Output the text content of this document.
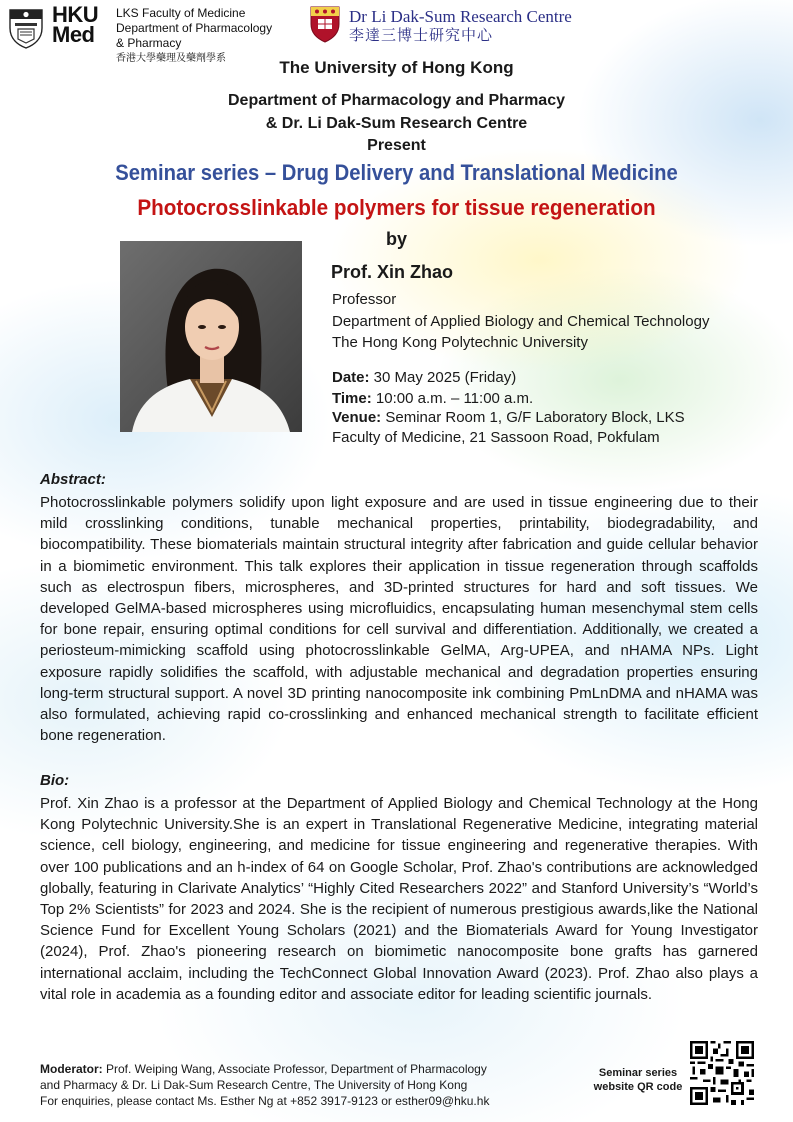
HKU
Med
LKS Faculty of Medicine
Department of Pharmacology
& Pharmacy
香港大學藥理及藥劑學系
Dr Li Dak-Sum Research Centre
李達三博士研究中心
The University of Hong Kong
Department of Pharmacology and Pharmacy
& Dr. Li Dak-Sum Research Centre
Present
Seminar series – Drug Delivery and Translational Medicine
Photocrosslinkable polymers for tissue regeneration
by
Prof. Xin Zhao
Professor
Department of Applied Biology and Chemical Technology
The Hong Kong Polytechnic University
Date: 30 May 2025 (Friday)
Time: 10:00 a.m. – 11:00 a.m.
Venue: Seminar Room 1, G/F Laboratory Block, LKS
Faculty of Medicine, 21 Sassoon Road, Pokfulam
Abstract:
Photocrosslinkable polymers solidify upon light exposure and are used in tissue engineering due to their mild crosslinking conditions, tunable mechanical properties, printability, biodegradability, and biocompatibility. These biomaterials maintain structural integrity after fabrication and guide cellular behavior in a biomimetic environment. This talk explores their application in tissue regeneration through scaffolds such as electrospun fibers, microspheres, and 3D-printed structures for hard and soft tissues. We developed GelMA-based microspheres using microfluidics, encapsulating human mesenchymal stem cells for bone repair, ensuring optimal conditions for cell survival and differentiation. Additionally, we created a periosteum-mimicking scaffold using photocrosslinkable GelMA, Arg-UPEA, and nHAMA NPs. Light exposure rapidly solidifies the scaffold, with adjustable mechanical and degradation properties ensuring long-term structural support. A novel 3D printing nanocomposite ink combining PmLnDMA and nHAMA was also formulated, achieving rapid co-crosslinking and enhanced mechanical strength to facilitate efficient bone regeneration.
Bio:
Prof. Xin Zhao is a professor at the Department of Applied Biology and Chemical Technology at the Hong Kong Polytechnic University.She is an expert in Translational Regenerative Medicine, integrating material science, cell biology, engineering, and medicine for tissue engineering and regenerative therapies. With over 100 publications and an h-index of 64 on Google Scholar, Prof. Zhao's contributions are acknowledged globally, featuring in Clarivate Analytics’ “Highly Cited Researchers 2022” and Stanford University’s “World’s Top 2% Scientists” for 2023 and 2024. She is the recipient of numerous prestigious awards,like the National Science Fund for Excellent Young Scholars (2021) and the Biomaterials Award for Young Investigator (2024), Prof. Zhao's pioneering research on biomimetic nanocomposite bone grafts has garnered international acclaim, including the TechConnect Global Innovation Award (2023). Prof. Zhao also plays a vital role in academia as a founding editor and associate editor for leading scientific journals.
Moderator: Prof. Weiping Wang, Associate Professor, Department of Pharmacology
and Pharmacy & Dr. Li Dak-Sum Research Centre, The University of Hong Kong
For enquiries, please contact Ms. Esther Ng at +852 3917-9123 or esther09@hku.hk
Seminar series
website QR code
